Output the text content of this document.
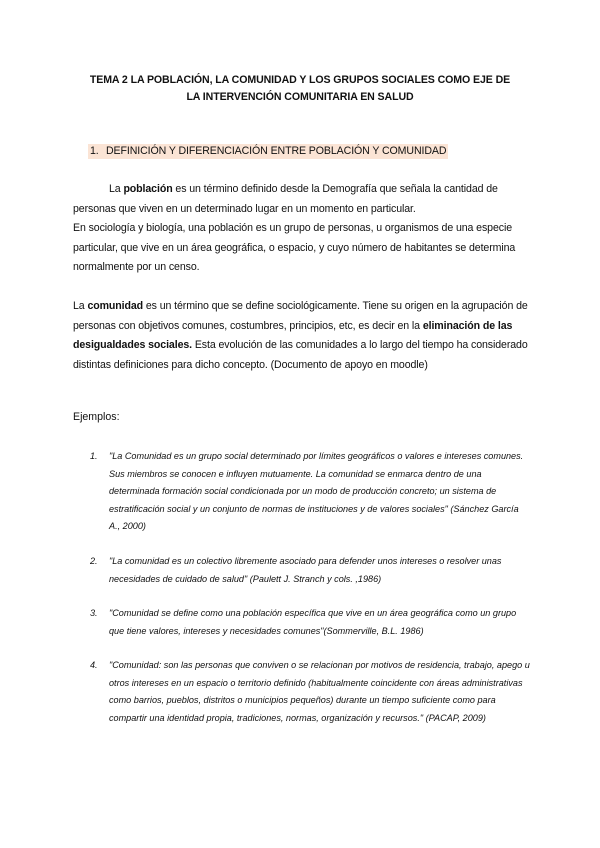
TEMA 2 LA POBLACIÓN, LA COMUNIDAD Y LOS GRUPOS SOCIALES COMO EJE DE
LA INTERVENCIÓN COMUNITARIA EN SALUD
1. DEFINICIÓN Y DIFERENCIACIÓN ENTRE POBLACIÓN Y COMUNIDAD
La población es un término definido desde la Demografía que señala la cantidad de personas que viven en un determinado lugar en un momento en particular.
En sociología y biología, una población es un grupo de personas, u organismos de una especie particular, que vive en un área geográfica, o espacio, y cuyo número de habitantes se determina normalmente por un censo.
La comunidad es un término que se define sociológicamente. Tiene su origen en la agrupación de personas con objetivos comunes, costumbres, principios, etc, es decir en la eliminación de las desigualdades sociales. Esta evolución de las comunidades a lo largo del tiempo ha considerado distintas definiciones para dicho concepto. (Documento de apoyo en moodle)
Ejemplos:
1. "La Comunidad es un grupo social determinado por límites geográficos o valores e intereses comunes. Sus miembros se conocen e influyen mutuamente. La comunidad se enmarca dentro de una determinada formación social condicionada por un modo de producción concreto; un sistema de estratificación social y un conjunto de normas de instituciones y de valores sociales" (Sánchez García A., 2000)
2. "La comunidad es un colectivo libremente asociado para defender unos intereses o resolver unas necesidades de cuidado de salud" (Paulett J. Stranch y cols. ,1986)
3. "Comunidad se define como una población específica que vive en un área geográfica como un grupo que tiene valores, intereses y necesidades comunes"(Sommerville, B.L. 1986)
4. "Comunidad: son las personas que conviven o se relacionan por motivos de residencia, trabajo, apego u otros intereses en un espacio o territorio definido (habitualmente coincidente con áreas administrativas como barrios, pueblos, distritos o municipios pequeños) durante un tiempo suficiente como para compartir una identidad propia, tradiciones, normas, organización y recursos." (PACAP, 2009)
